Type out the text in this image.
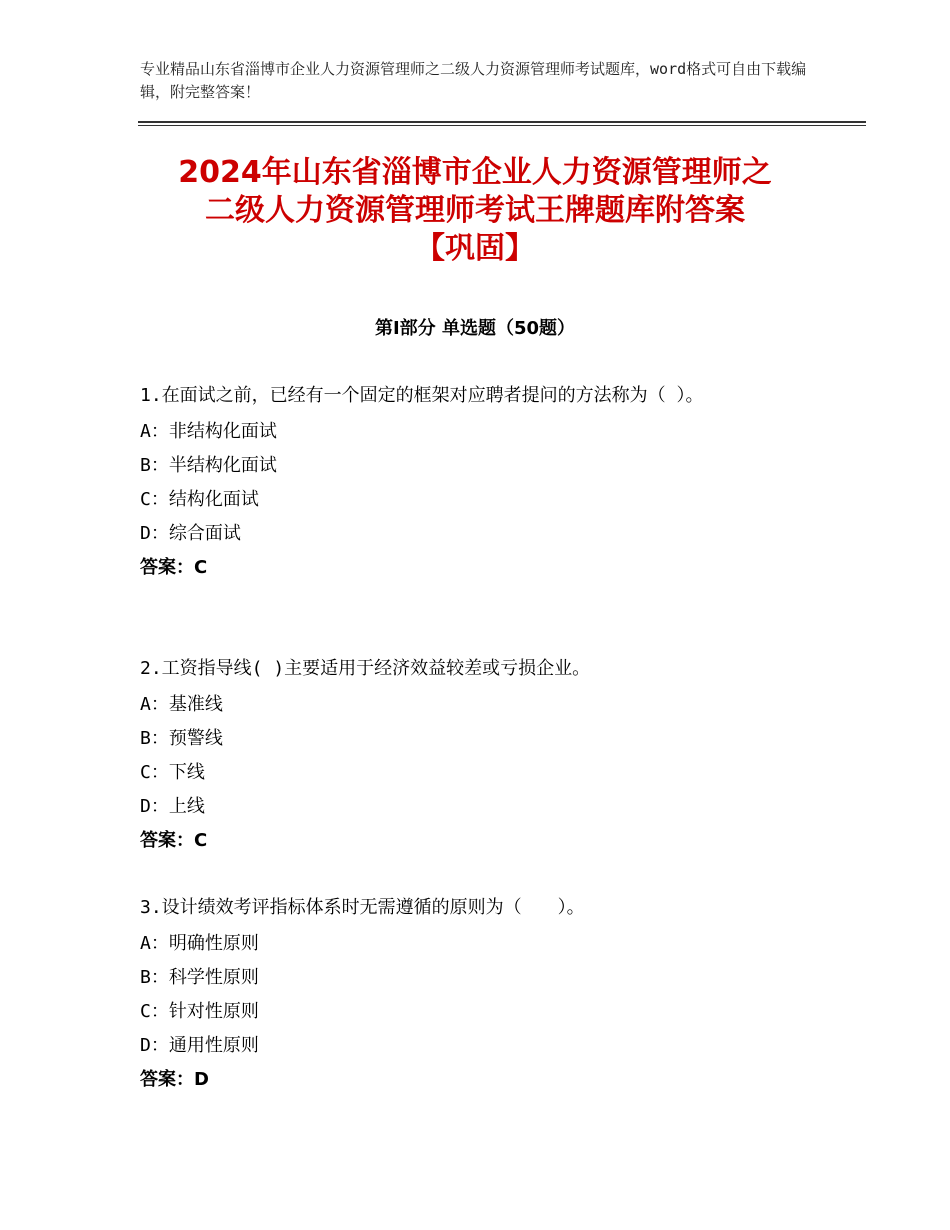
专业精品山东省淄博市企业人力资源管理师之二级人力资源管理师考试题库，word格式可自由下载编辑，附完整答案！
2024年山东省淄博市企业人力资源管理师之
二级人力资源管理师考试王牌题库附答案
【巩固】
第Ⅰ部分 单选题（50题）
1.在面试之前，已经有一个固定的框架对应聘者提问的方法称为（ ）。
A：非结构化面试
B：半结构化面试
C：结构化面试
D：综合面试
答案：C
2.工资指导线( )主要适用于经济效益较差或亏损企业。
A：基准线
B：预警线
C：下线
D：上线
答案：C
3.设计绩效考评指标体系时无需遵循的原则为（　　）。
A：明确性原则
B：科学性原则
C：针对性原则
D：通用性原则
答案：D
